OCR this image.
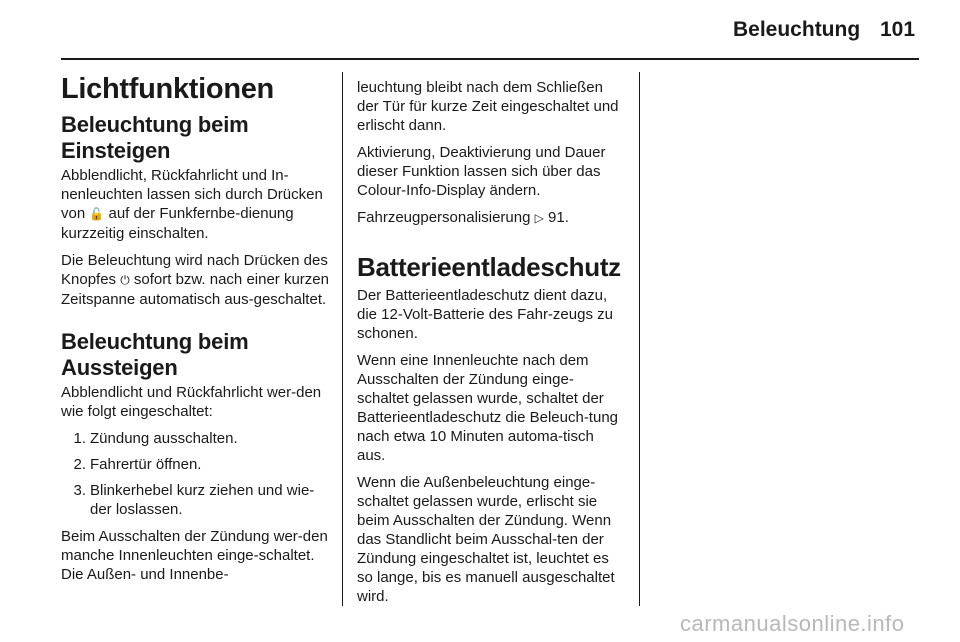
Beleuchtung 101
Lichtfunktionen
Beleuchtung beim
Einsteigen

Abblendlicht, Rückfahrlicht und In-nenleuchten lassen sich durch Drücken von 🔓 auf der Funkfernbe-dienung kurzzeitig einschalten.

Die Beleuchtung wird nach Drücken des Knopfes ⏻ sofort bzw. nach einer kurzen Zeitspanne automatisch aus-geschaltet.

Beleuchtung beim
Aussteigen

Abblendlicht und Rückfahrlicht wer-den wie folgt eingeschaltet:

1. Zündung ausschalten.
2. Fahrertür öffnen.
3. Blinkerhebel kurz ziehen und wie-der loslassen.

Beim Ausschalten der Zündung wer-den manche Innenleuchten einge-schaltet. Die Außen- und Innenbe-

leuchtung bleibt nach dem Schließen der Tür für kurze Zeit eingeschaltet und erlischt dann.

Aktivierung, Deaktivierung und Dauer dieser Funktion lassen sich über das Colour-Info-Display ändern.

Fahrzeugpersonalisierung ▷ 91.

Batterieentladeschutz

Der Batterieentladeschutz dient dazu, die 12-Volt-Batterie des Fahr-zeugs zu schonen.

Wenn eine Innenleuchte nach dem Ausschalten der Zündung einge-schaltet gelassen wurde, schaltet der Batterieentladeschutz die Beleuch-tung nach etwa 10 Minuten automa-tisch aus.

Wenn die Außenbeleuchtung einge-schaltet gelassen wurde, erlischt sie beim Ausschalten der Zündung. Wenn das Standlicht beim Ausschal-ten der Zündung eingeschaltet ist, leuchtet es so lange, bis es manuell ausgeschaltet wird.

carmanualsonline.info
